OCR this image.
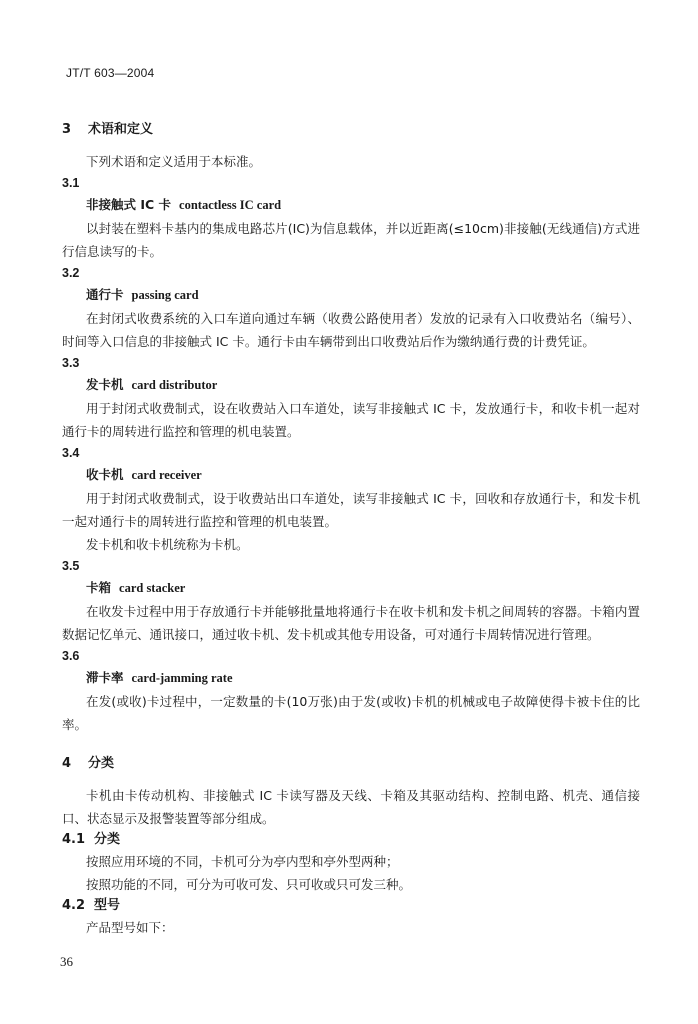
JT/T 603—2004
3 术语和定义
下列术语和定义适用于本标准。
3.1
非接触式 IC 卡 contactless IC card
以封装在塑料卡基内的集成电路芯片(IC)为信息载体，并以近距离(≤10cm)非接触(无线通信)方式进行信息读写的卡。
3.2
通行卡 passing card
在封闭式收费系统的入口车道向通过车辆（收费公路使用者）发放的记录有入口收费站名（编号）、时间等入口信息的非接触式 IC 卡。通行卡由车辆带到出口收费站后作为缴纳通行费的计费凭证。
3.3
发卡机 card distributor
用于封闭式收费制式，设在收费站入口车道处，读写非接触式 IC 卡，发放通行卡，和收卡机一起对通行卡的周转进行监控和管理的机电装置。
3.4
收卡机 card receiver
用于封闭式收费制式，设于收费站出口车道处，读写非接触式 IC 卡，回收和存放通行卡，和发卡机一起对通行卡的周转进行监控和管理的机电装置。
发卡机和收卡机统称为卡机。
3.5
卡箱 card stacker
在收发卡过程中用于存放通行卡并能够批量地将通行卡在收卡机和发卡机之间周转的容器。卡箱内置数据记忆单元、通讯接口，通过收卡机、发卡机或其他专用设备，可对通行卡周转情况进行管理。
3.6
滞卡率 card-jamming rate
在发(或收)卡过程中，一定数量的卡(10万张)由于发(或收)卡机的机械或电子故障使得卡被卡住的比率。
4 分类
卡机由卡传动机构、非接触式 IC 卡读写器及天线、卡箱及其驱动结构、控制电路、机壳、通信接口、状态显示及报警装置等部分组成。
4.1 分类
按照应用环境的不同，卡机可分为亭内型和亭外型两种；
按照功能的不同，可分为可收可发、只可收或只可发三种。
4.2 型号
产品型号如下：
36
